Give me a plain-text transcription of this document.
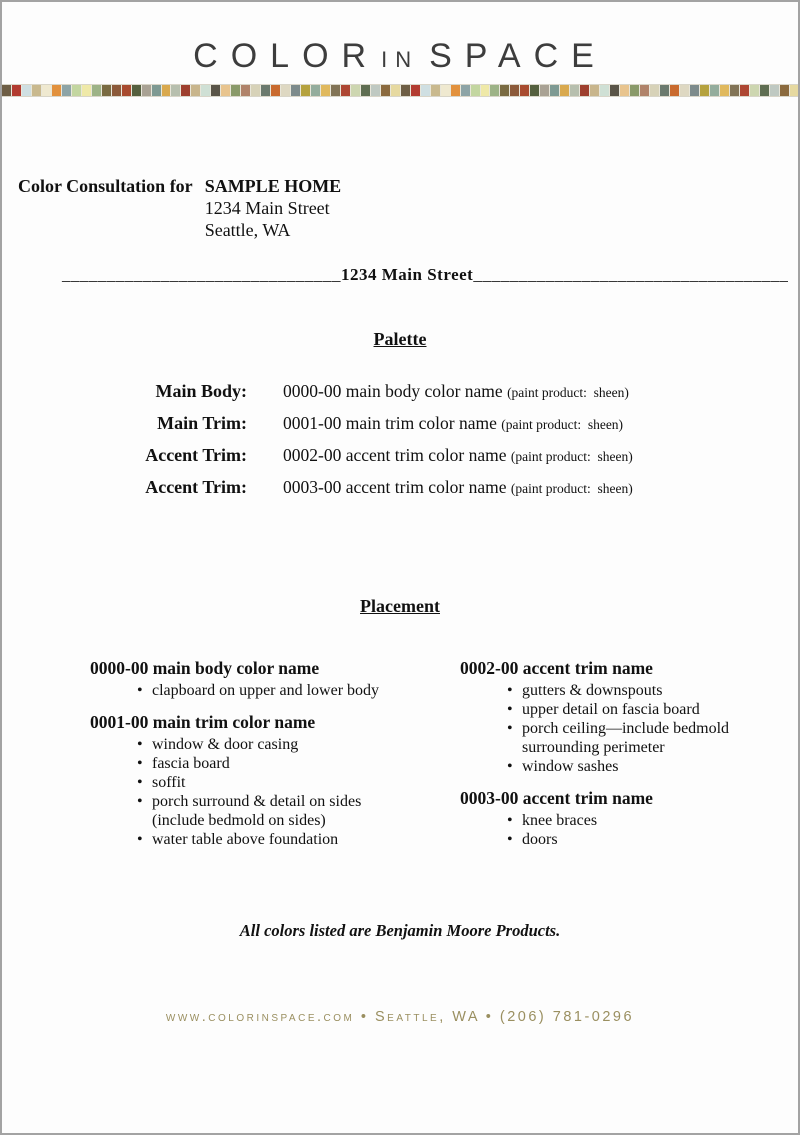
COLOR IN SPACE
Color Consultation for SAMPLE HOME
1234 Main Street
Seattle, WA
_______________________________1234 Main Street___________________________________
Palette
Main Body: 0000-00 main body color name (paint product:  sheen)
Main Trim: 0001-00 main trim color name (paint product:  sheen)
Accent Trim: 0002-00 accent trim color name (paint product:  sheen)
Accent Trim: 0003-00 accent trim color name (paint product:  sheen)
Placement
0000-00 main body color name
• clapboard on upper and lower body
0001-00 main trim color name
• window & door casing
• fascia board
• soffit
• porch surround & detail on sides
(include bedmold on sides)
• water table above foundation
0002-00 accent trim name
• gutters & downspouts
• upper detail on fascia board
• porch ceiling—include bedmold
surrounding perimeter
• window sashes
0003-00 accent trim name
• knee braces
• doors
All colors listed are Benjamin Moore Products.
www.colorinspace.com • Seattle, WA • (206) 781-0296
